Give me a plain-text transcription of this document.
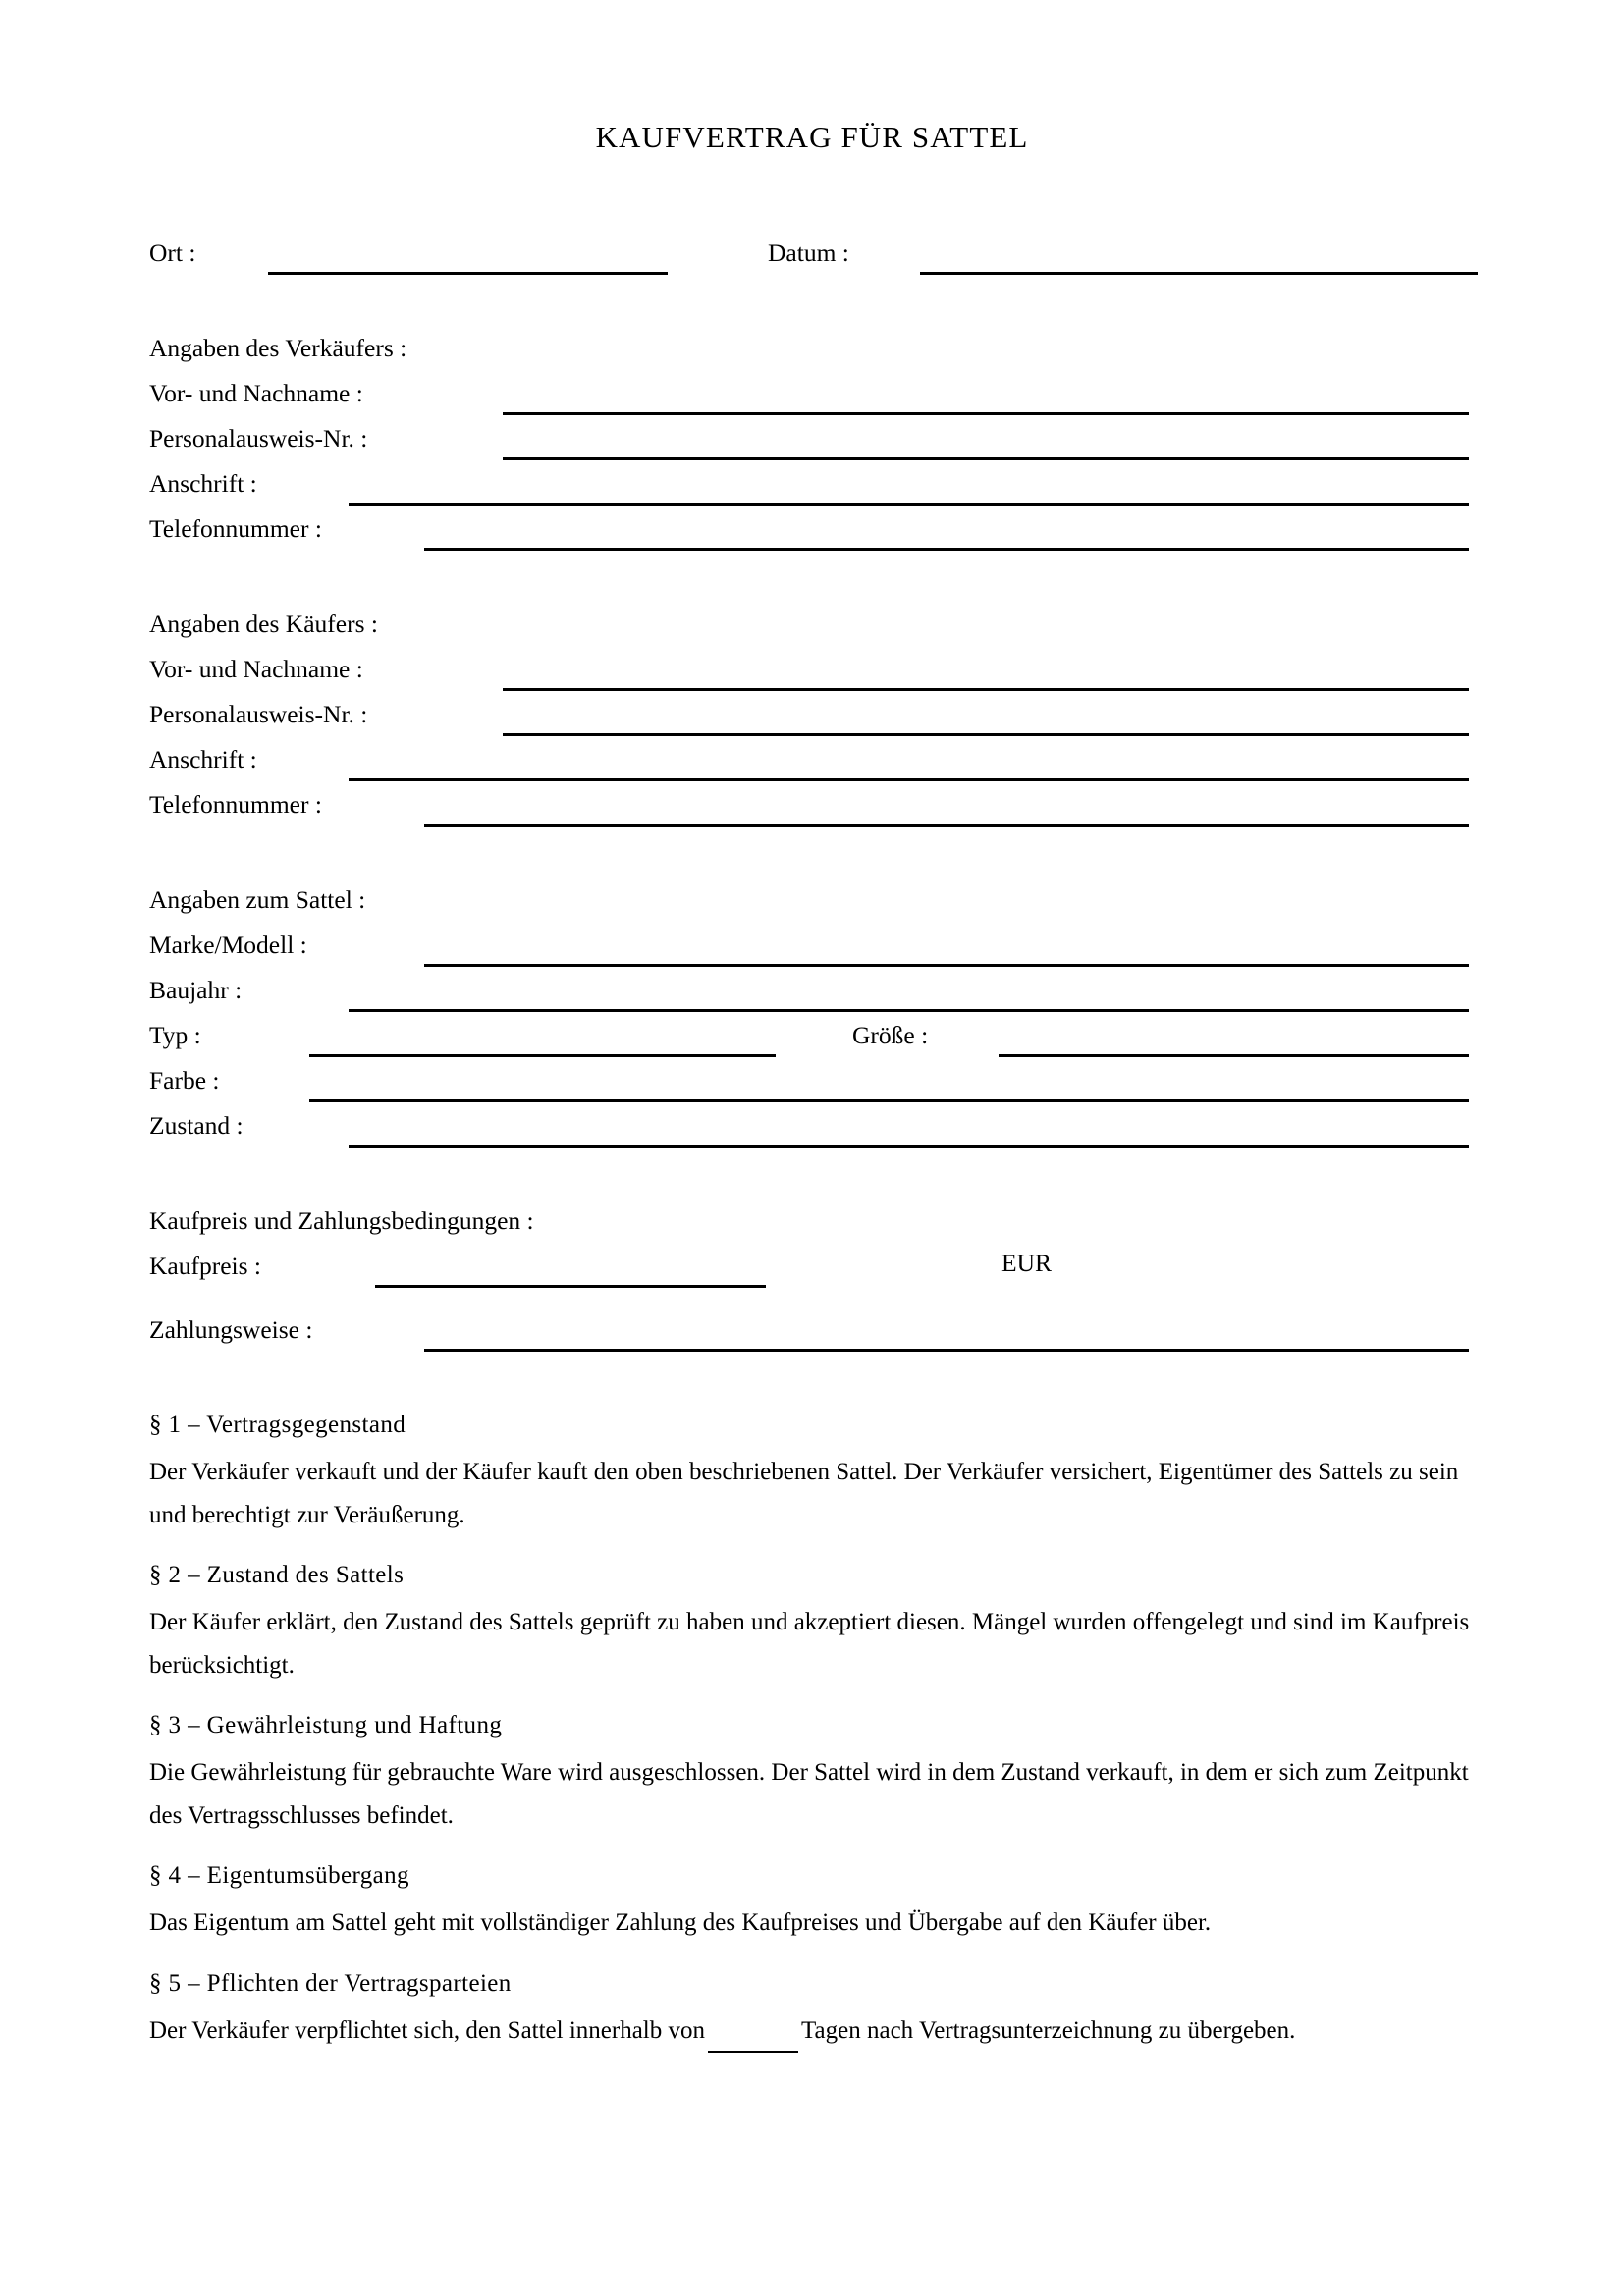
KAUFVERTRAG FÜR SATTEL
Ort :	Datum :
Angaben des Verkäufers :
Vor- und Nachname :
Personalausweis-Nr. :
Anschrift :
Telefonnummer :
Angaben des Käufers :
Vor- und Nachname :
Personalausweis-Nr. :
Anschrift :
Telefonnummer :
Angaben zum Sattel :
Marke/Modell :
Baujahr :
Typ :	Größe :
Farbe :
Zustand :
Kaufpreis und Zahlungsbedingungen :
Kaufpreis :	EUR
Zahlungsweise :
§ 1 – Vertragsgegenstand
Der Verkäufer verkauft und der Käufer kauft den oben beschriebenen Sattel. Der Verkäufer versichert, Eigentümer des Sattels zu sein und berechtigt zur Veräußerung.
§ 2 – Zustand des Sattels
Der Käufer erklärt, den Zustand des Sattels geprüft zu haben und akzeptiert diesen. Mängel wurden offengelegt und sind im Kaufpreis berücksichtigt.
§ 3 – Gewährleistung und Haftung
Die Gewährleistung für gebrauchte Ware wird ausgeschlossen. Der Sattel wird in dem Zustand verkauft, in dem er sich zum Zeitpunkt des Vertragsschlusses befindet.
§ 4 – Eigentumsübergang
Das Eigentum am Sattel geht mit vollständiger Zahlung des Kaufpreises und Übergabe auf den Käufer über.
§ 5 – Pflichten der Vertragsparteien
Der Verkäufer verpflichtet sich, den Sattel innerhalb von	Tagen nach Vertragsunterzeichnung zu übergeben.
